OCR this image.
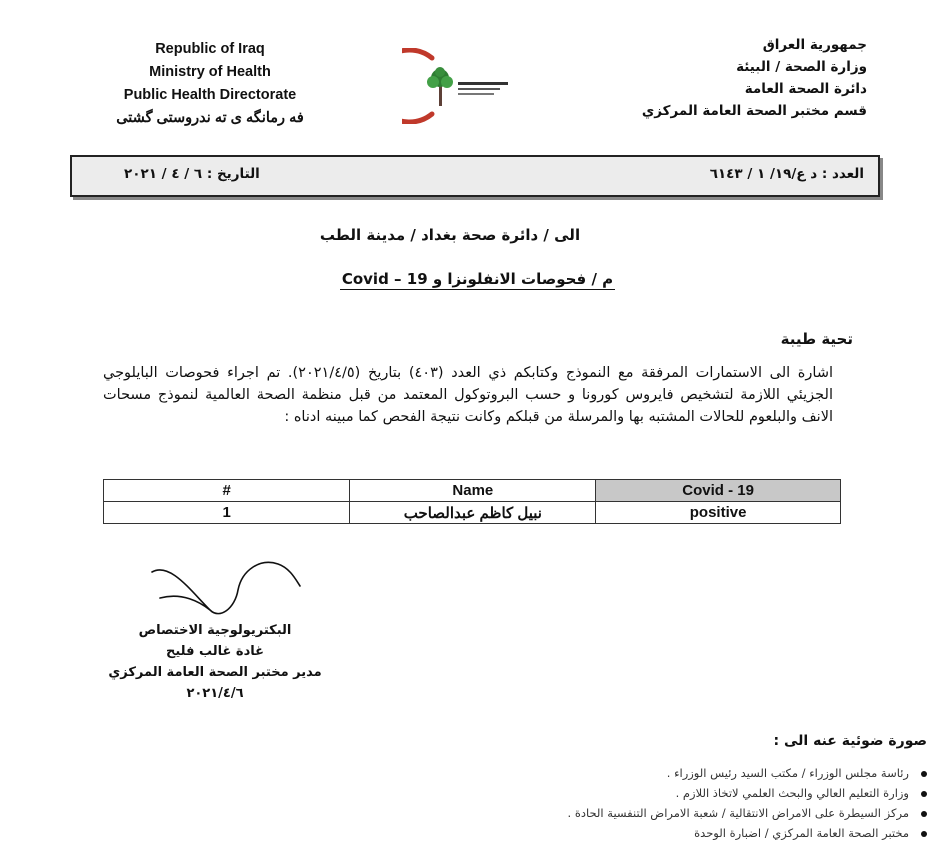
Republic of Iraq
Ministry of Health
Public Health Directorate
فه رمانگه ی ته ندروستی گشتی
جمهورية العراق
وزارة الصحة / البيئة
دائرة الصحة العامة
قسم مختبر الصحة العامة المركزي
العدد : د ع/١٩/ ١ / ٦١٤٣
التاريخ : ٦ / ٤ / ٢٠٢١
الى / دائرة صحة بغداد / مدينة الطب
م / فحوصات الانفلونزا و Covid – 19
تحية طيبة
اشارة الى الاستمارات المرفقة مع النموذج وكتابكم ذي العدد (٤٠٣) بتاريخ (٢٠٢١/٤/٥). تم اجراء فحوصات البايلوجي الجزيئي اللازمة لتشخيص فايروس كورونا و حسب البروتوكول المعتمد من قبل منظمة الصحة العالمية لنموذج مسحات الانف والبلعوم للحالات المشتبه بها والمرسلة من قبلكم وكانت نتيجة الفحص كما مبينه ادناه :
#	Name	Covid - 19
1	نبيل كاظم عبدالصاحب	positive
البكتريولوجية الاختصاص
غادة غالب فليح
مدير مختبر الصحة العامة المركزي
٢٠٢١/٤/٦
صورة ضوئية عنه الى :
رئاسة مجلس الوزراء / مكتب السيد رئيس الوزراء .
وزارة التعليم العالي والبحث العلمي لاتخاذ اللازم .
مركز السيطرة على الامراض الانتقالية / شعبة الامراض التنفسية الحادة .
مختبر الصحة العامة المركزي / اضبارة الوحدة
